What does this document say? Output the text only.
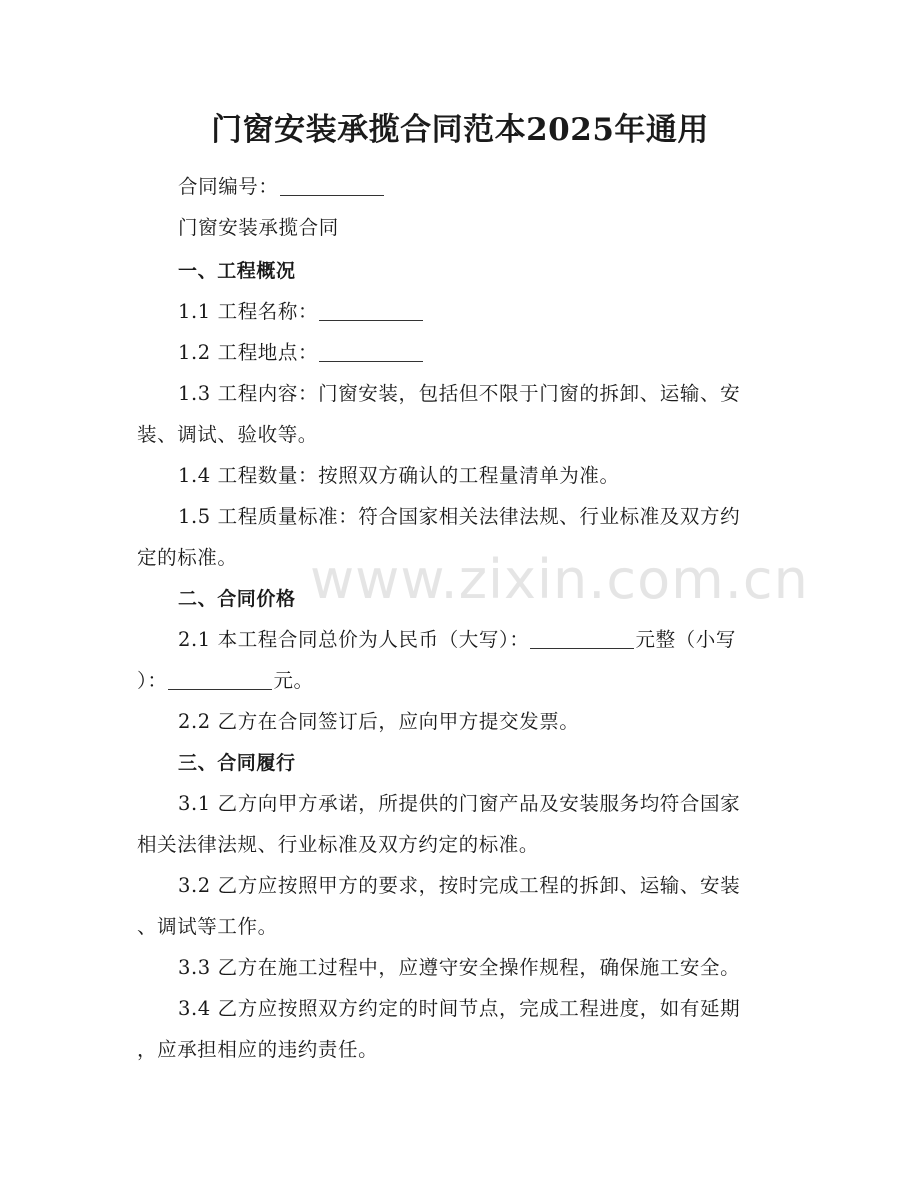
门窗安装承揽合同范本2025年通用
合同编号：
门窗安装承揽合同
一、工程概况
1.1 工程名称：
1.2 工程地点：
1.3 工程内容：门窗安装，包括但不限于门窗的拆卸、运输、安
装、调试、验收等。
1.4 工程数量：按照双方确认的工程量清单为准。
1.5 工程质量标准：符合国家相关法律法规、行业标准及双方约
定的标准。
二、合同价格
2.1 本工程合同总价为人民币（大写）：	元整（小写
）：	元。
2.2 乙方在合同签订后，应向甲方提交发票。
三、合同履行
3.1 乙方向甲方承诺，所提供的门窗产品及安装服务均符合国家
相关法律法规、行业标准及双方约定的标准。
3.2 乙方应按照甲方的要求，按时完成工程的拆卸、运输、安装
、调试等工作。
3.3 乙方在施工过程中，应遵守安全操作规程，确保施工安全。
3.4 乙方应按照双方约定的时间节点，完成工程进度，如有延期
，应承担相应的违约责任。
www.zixin.com.cn
